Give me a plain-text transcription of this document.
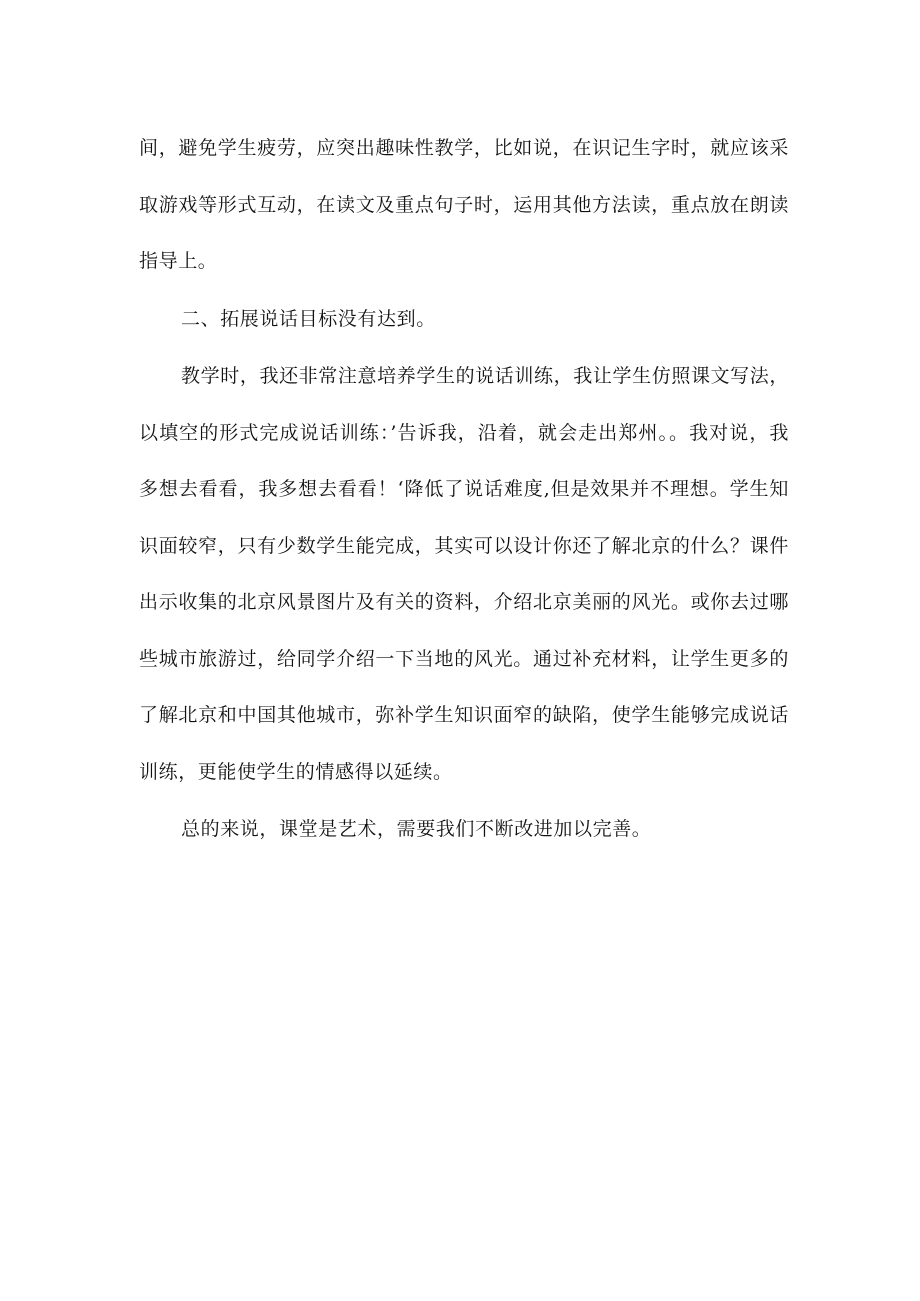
间，避免学生疲劳，应突出趣味性教学，比如说，在识记生字时，就应该采取游戏等形式互动，在读文及重点句子时，运用其他方法读，重点放在朗读指导上。

二、拓展说话目标没有达到。

教学时，我还非常注意培养学生的说话训练，我让学生仿照课文写法，以填空的形式完成说话训练：’告诉我，沿着，就会走出郑州。。我对说，我多想去看看，我多想去看看！‘降低了说话难度,但是效果并不理想。学生知识面较窄，只有少数学生能完成，其实可以设计你还了解北京的什么？课件出示收集的北京风景图片及有关的资料，介绍北京美丽的风光。或你去过哪些城市旅游过，给同学介绍一下当地的风光。通过补充材料，让学生更多的了解北京和中国其他城市，弥补学生知识面窄的缺陷，使学生能够完成说话训练，更能使学生的情感得以延续。

总的来说，课堂是艺术，需要我们不断改进加以完善。
